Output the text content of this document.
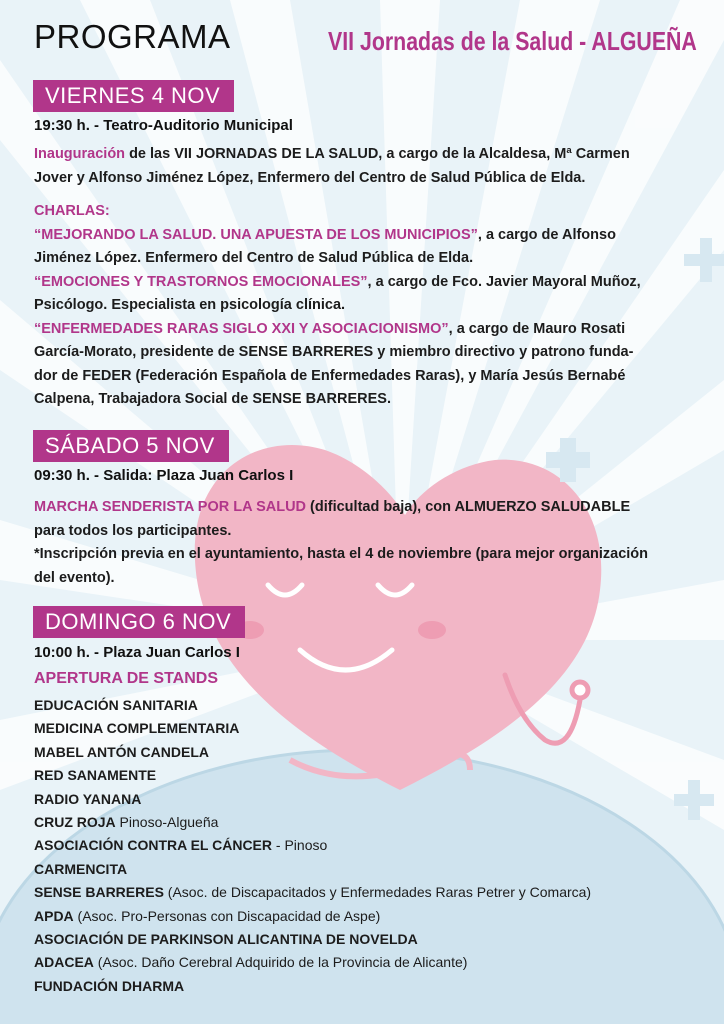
PROGRAMA	VII Jornadas de la Salud - ALGUEÑA
VIERNES 4 NOV
19:30 h. - Teatro-Auditorio Municipal
Inauguración de las VII JORNADAS DE LA SALUD, a cargo de la Alcaldesa, Mª Carmen
Jover y Alfonso Jiménez López, Enfermero del Centro de Salud Pública de Elda.
CHARLAS:
“MEJORANDO LA SALUD. UNA APUESTA DE LOS MUNICIPIOS”, a cargo de Alfonso
Jiménez López. Enfermero del Centro de Salud Pública de Elda.
“EMOCIONES Y TRASTORNOS EMOCIONALES”, a cargo de Fco. Javier Mayoral Muñoz,
Psicólogo. Especialista en psicología clínica.
“ENFERMEDADES RARAS SIGLO XXI Y ASOCIACIONISMO”, a cargo de Mauro Rosati
García-Morato, presidente de SENSE BARRERES y miembro directivo y patrono funda-
dor de FEDER (Federación Española de Enfermedades Raras), y María Jesús Bernabé
Calpena, Trabajadora Social de SENSE BARRERES.
SÁBADO 5 NOV
09:30 h. - Salida: Plaza Juan Carlos I
MARCHA SENDERISTA POR LA SALUD (dificultad baja), con ALMUERZO SALUDABLE
para todos los participantes.
*Inscripción previa en el ayuntamiento, hasta el 4 de noviembre (para mejor organización
del evento).
DOMINGO 6 NOV
10:00 h. - Plaza Juan Carlos I
APERTURA DE STANDS
EDUCACIÓN SANITARIA
MEDICINA COMPLEMENTARIA
MABEL ANTÓN CANDELA
RED SANAMENTE
RADIO YANANA
CRUZ ROJA Pinoso-Algueña
ASOCIACIÓN CONTRA EL CÁNCER - Pinoso
CARMENCITA
SENSE BARRERES (Asoc. de Discapacitados y Enfermedades Raras Petrer y Comarca)
APDA (Asoc. Pro-Personas con Discapacidad de Aspe)
ASOCIACIÓN DE PARKINSON ALICANTINA DE NOVELDA
ADACEA (Asoc. Daño Cerebral Adquirido de la Provincia de Alicante)
FUNDACIÓN DHARMA
